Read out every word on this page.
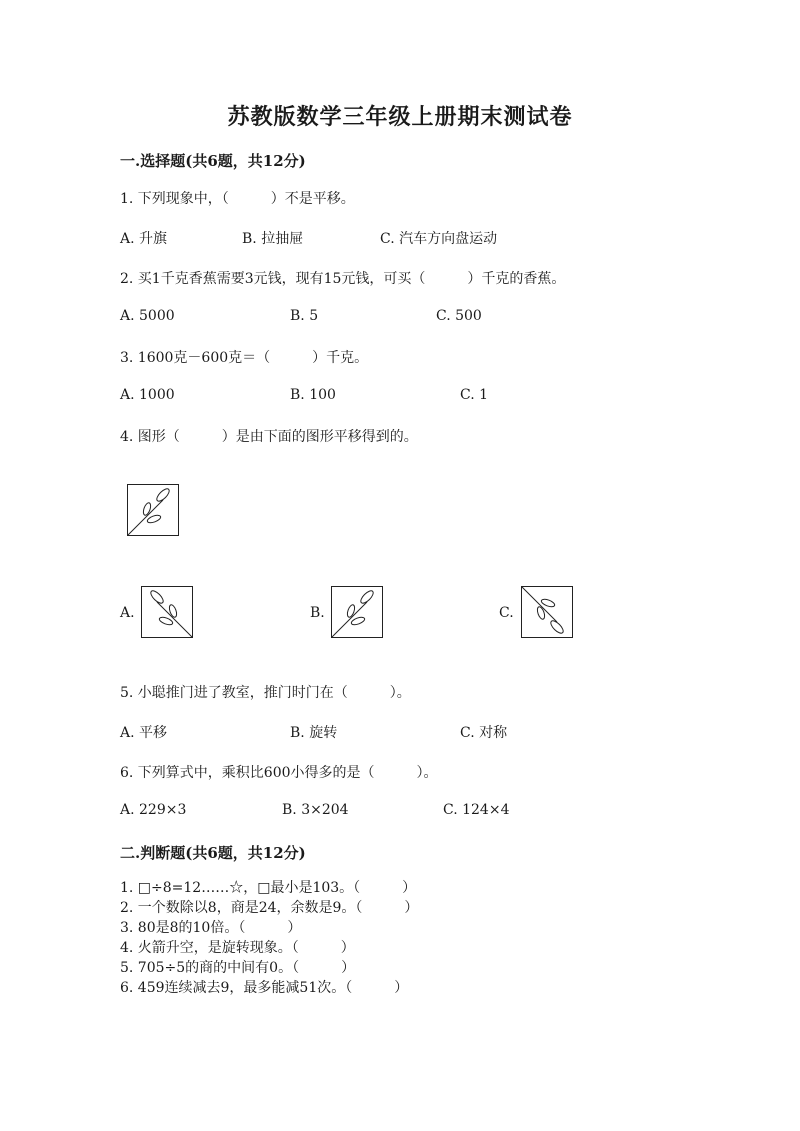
苏教版数学三年级上册期末测试卷
一.选择题(共6题，共12分)
1. 下列现象中，（　　　）不是平移。
A. 升旗	B. 拉抽屉	C. 汽车方向盘运动
2. 买1千克香蕉需要3元钱，现有15元钱，可买（　　　）千克的香蕉。
A. 5000	B. 5	C. 500
3. 1600克－600克＝（　　　）千克。
A. 1000	B. 100	C. 1
4. 图形（　　　）是由下面的图形平移得到的。
A.	B.	C.
5. 小聪推门进了教室，推门时门在（　　　）。
A. 平移	B. 旋转	C. 对称
6. 下列算式中，乘积比600小得多的是（　　　）。
A. 229×3	B. 3×204	C. 124×4
二.判断题(共6题，共12分)
1. □÷8=12……☆，□最小是103。（　　　）
2. 一个数除以8，商是24，余数是9。（　　　）
3. 80是8的10倍。（　　　）
4. 火箭升空，是旋转现象。（　　　）
5. 705÷5的商的中间有0。（　　　）
6. 459连续减去9，最多能减51次。（　　　）
